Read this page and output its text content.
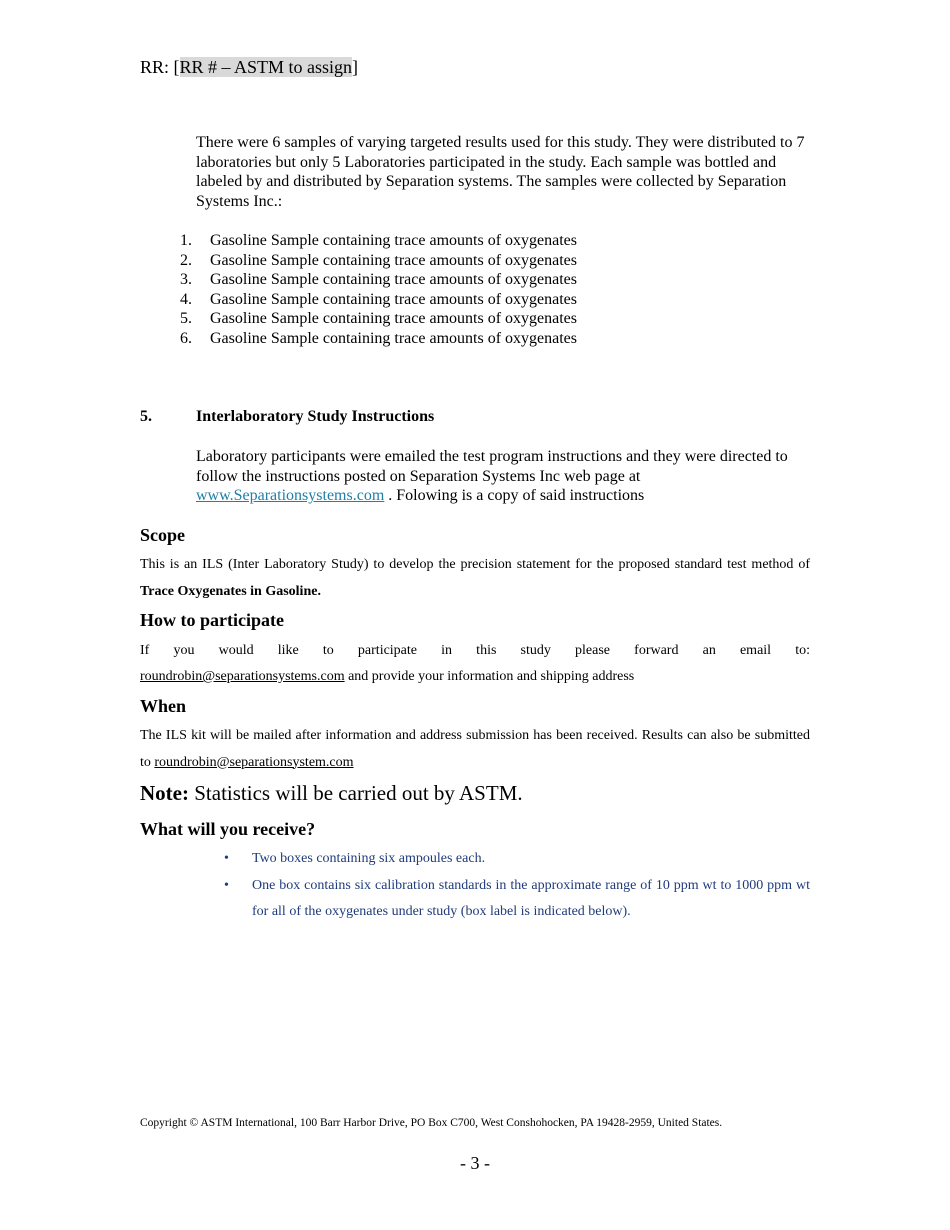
RR: [RR # – ASTM to assign]
There were 6 samples of varying targeted results used for this study. They were distributed to 7 laboratories but only 5 Laboratories participated in the study. Each sample was bottled and labeled by and distributed by Separation systems. The samples were collected by Separation Systems Inc.:
1.	Gasoline Sample containing trace amounts of oxygenates
2.	Gasoline Sample containing trace amounts of oxygenates
3.	Gasoline Sample containing trace amounts of oxygenates
4.	Gasoline Sample containing trace amounts of oxygenates
5.	Gasoline Sample containing trace amounts of oxygenates
6.	Gasoline Sample containing trace amounts of oxygenates
5.	Interlaboratory Study Instructions
Laboratory participants were emailed the test program instructions and they were directed to follow the instructions posted on Separation Systems Inc web page at www.Separationsystems.com . Folowing is a copy of said instructions
Scope
This is an ILS (Inter Laboratory Study) to develop the precision statement for the proposed standard test method of Trace Oxygenates in Gasoline.
How to participate
If you would like to participate in this study please forward an email to:
roundrobin@separationsystems.com and provide your information and shipping address
When
The ILS kit will be mailed after information and address submission has been received. Results can also be submitted to roundrobin@separationsystem.com
Note: Statistics will be carried out by ASTM.
What will you receive?
•	Two boxes containing six ampoules each.
•	One box contains six calibration standards in the approximate range of 10 ppm wt to 1000 ppm wt for all of the oxygenates under study (box label is indicated below).
Copyright © ASTM International, 100 Barr Harbor Drive, PO Box C700, West Conshohocken, PA 19428-2959, United States.
- 3 -
